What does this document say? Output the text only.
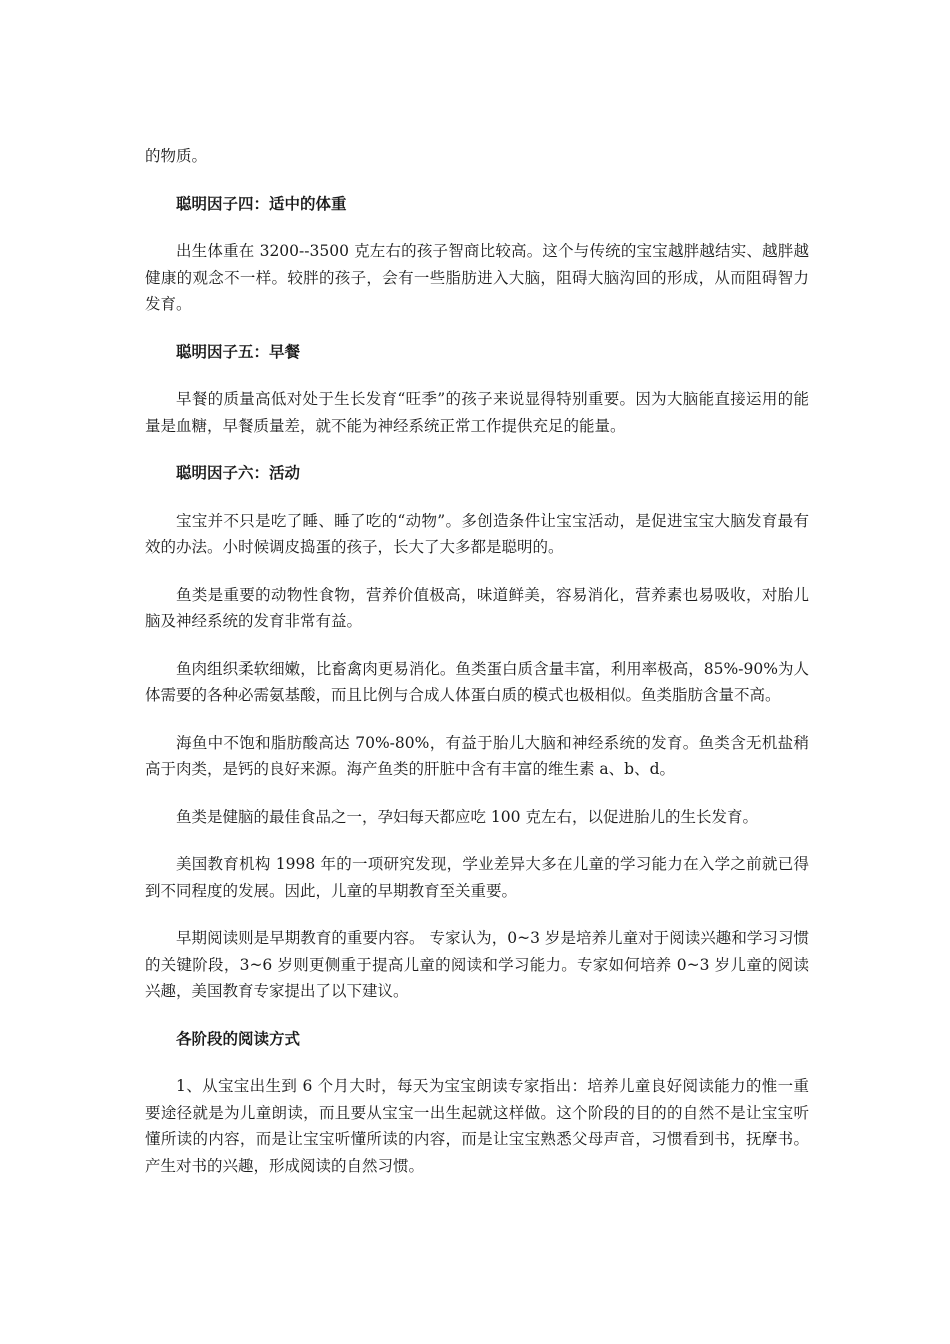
的物质。

聪明因子四：适中的体重

出生体重在 3200--3500 克左右的孩子智商比较高。这个与传统的宝宝越胖越结实、越胖越健康的观念不一样。较胖的孩子，会有一些脂肪进入大脑，阻碍大脑沟回的形成，从而阻碍智力发育。

聪明因子五：早餐

早餐的质量高低对处于生长发育“旺季”的孩子来说显得特别重要。因为大脑能直接运用的能量是血糖，早餐质量差，就不能为神经系统正常工作提供充足的能量。

聪明因子六：活动

宝宝并不只是吃了睡、睡了吃的“动物”。多创造条件让宝宝活动，是促进宝宝大脑发育最有效的办法。小时候调皮捣蛋的孩子，长大了大多都是聪明的。

鱼类是重要的动物性食物，营养价值极高，味道鲜美，容易消化，营养素也易吸收，对胎儿脑及神经系统的发育非常有益。

鱼肉组织柔软细嫩，比畜禽肉更易消化。鱼类蛋白质含量丰富，利用率极高，85%-90%为人体需要的各种必需氨基酸，而且比例与合成人体蛋白质的模式也极相似。鱼类脂肪含量不高。

海鱼中不饱和脂肪酸高达 70%-80%，有益于胎儿大脑和神经系统的发育。鱼类含无机盐稍高于肉类，是钙的良好来源。海产鱼类的肝脏中含有丰富的维生素 a、b、d。

鱼类是健脑的最佳食品之一，孕妇每天都应吃 100 克左右，以促进胎儿的生长发育。

美国教育机构 1998 年的一项研究发现，学业差异大多在儿童的学习能力在入学之前就已得到不同程度的发展。因此，儿童的早期教育至关重要。

早期阅读则是早期教育的重要内容。 专家认为，0~3 岁是培养儿童对于阅读兴趣和学习习惯的关键阶段，3~6 岁则更侧重于提高儿童的阅读和学习能力。专家如何培养 0~3 岁儿童的阅读兴趣，美国教育专家提出了以下建议。

各阶段的阅读方式

1、从宝宝出生到 6 个月大时，每天为宝宝朗读专家指出：培养儿童良好阅读能力的惟一重要途径就是为儿童朗读，而且要从宝宝一出生起就这样做。这个阶段的目的的自然不是让宝宝听懂所读的内容，而是让宝宝听懂所读的内容，而是让宝宝熟悉父母声音，习惯看到书，抚摩书。产生对书的兴趣，形成阅读的自然习惯。
